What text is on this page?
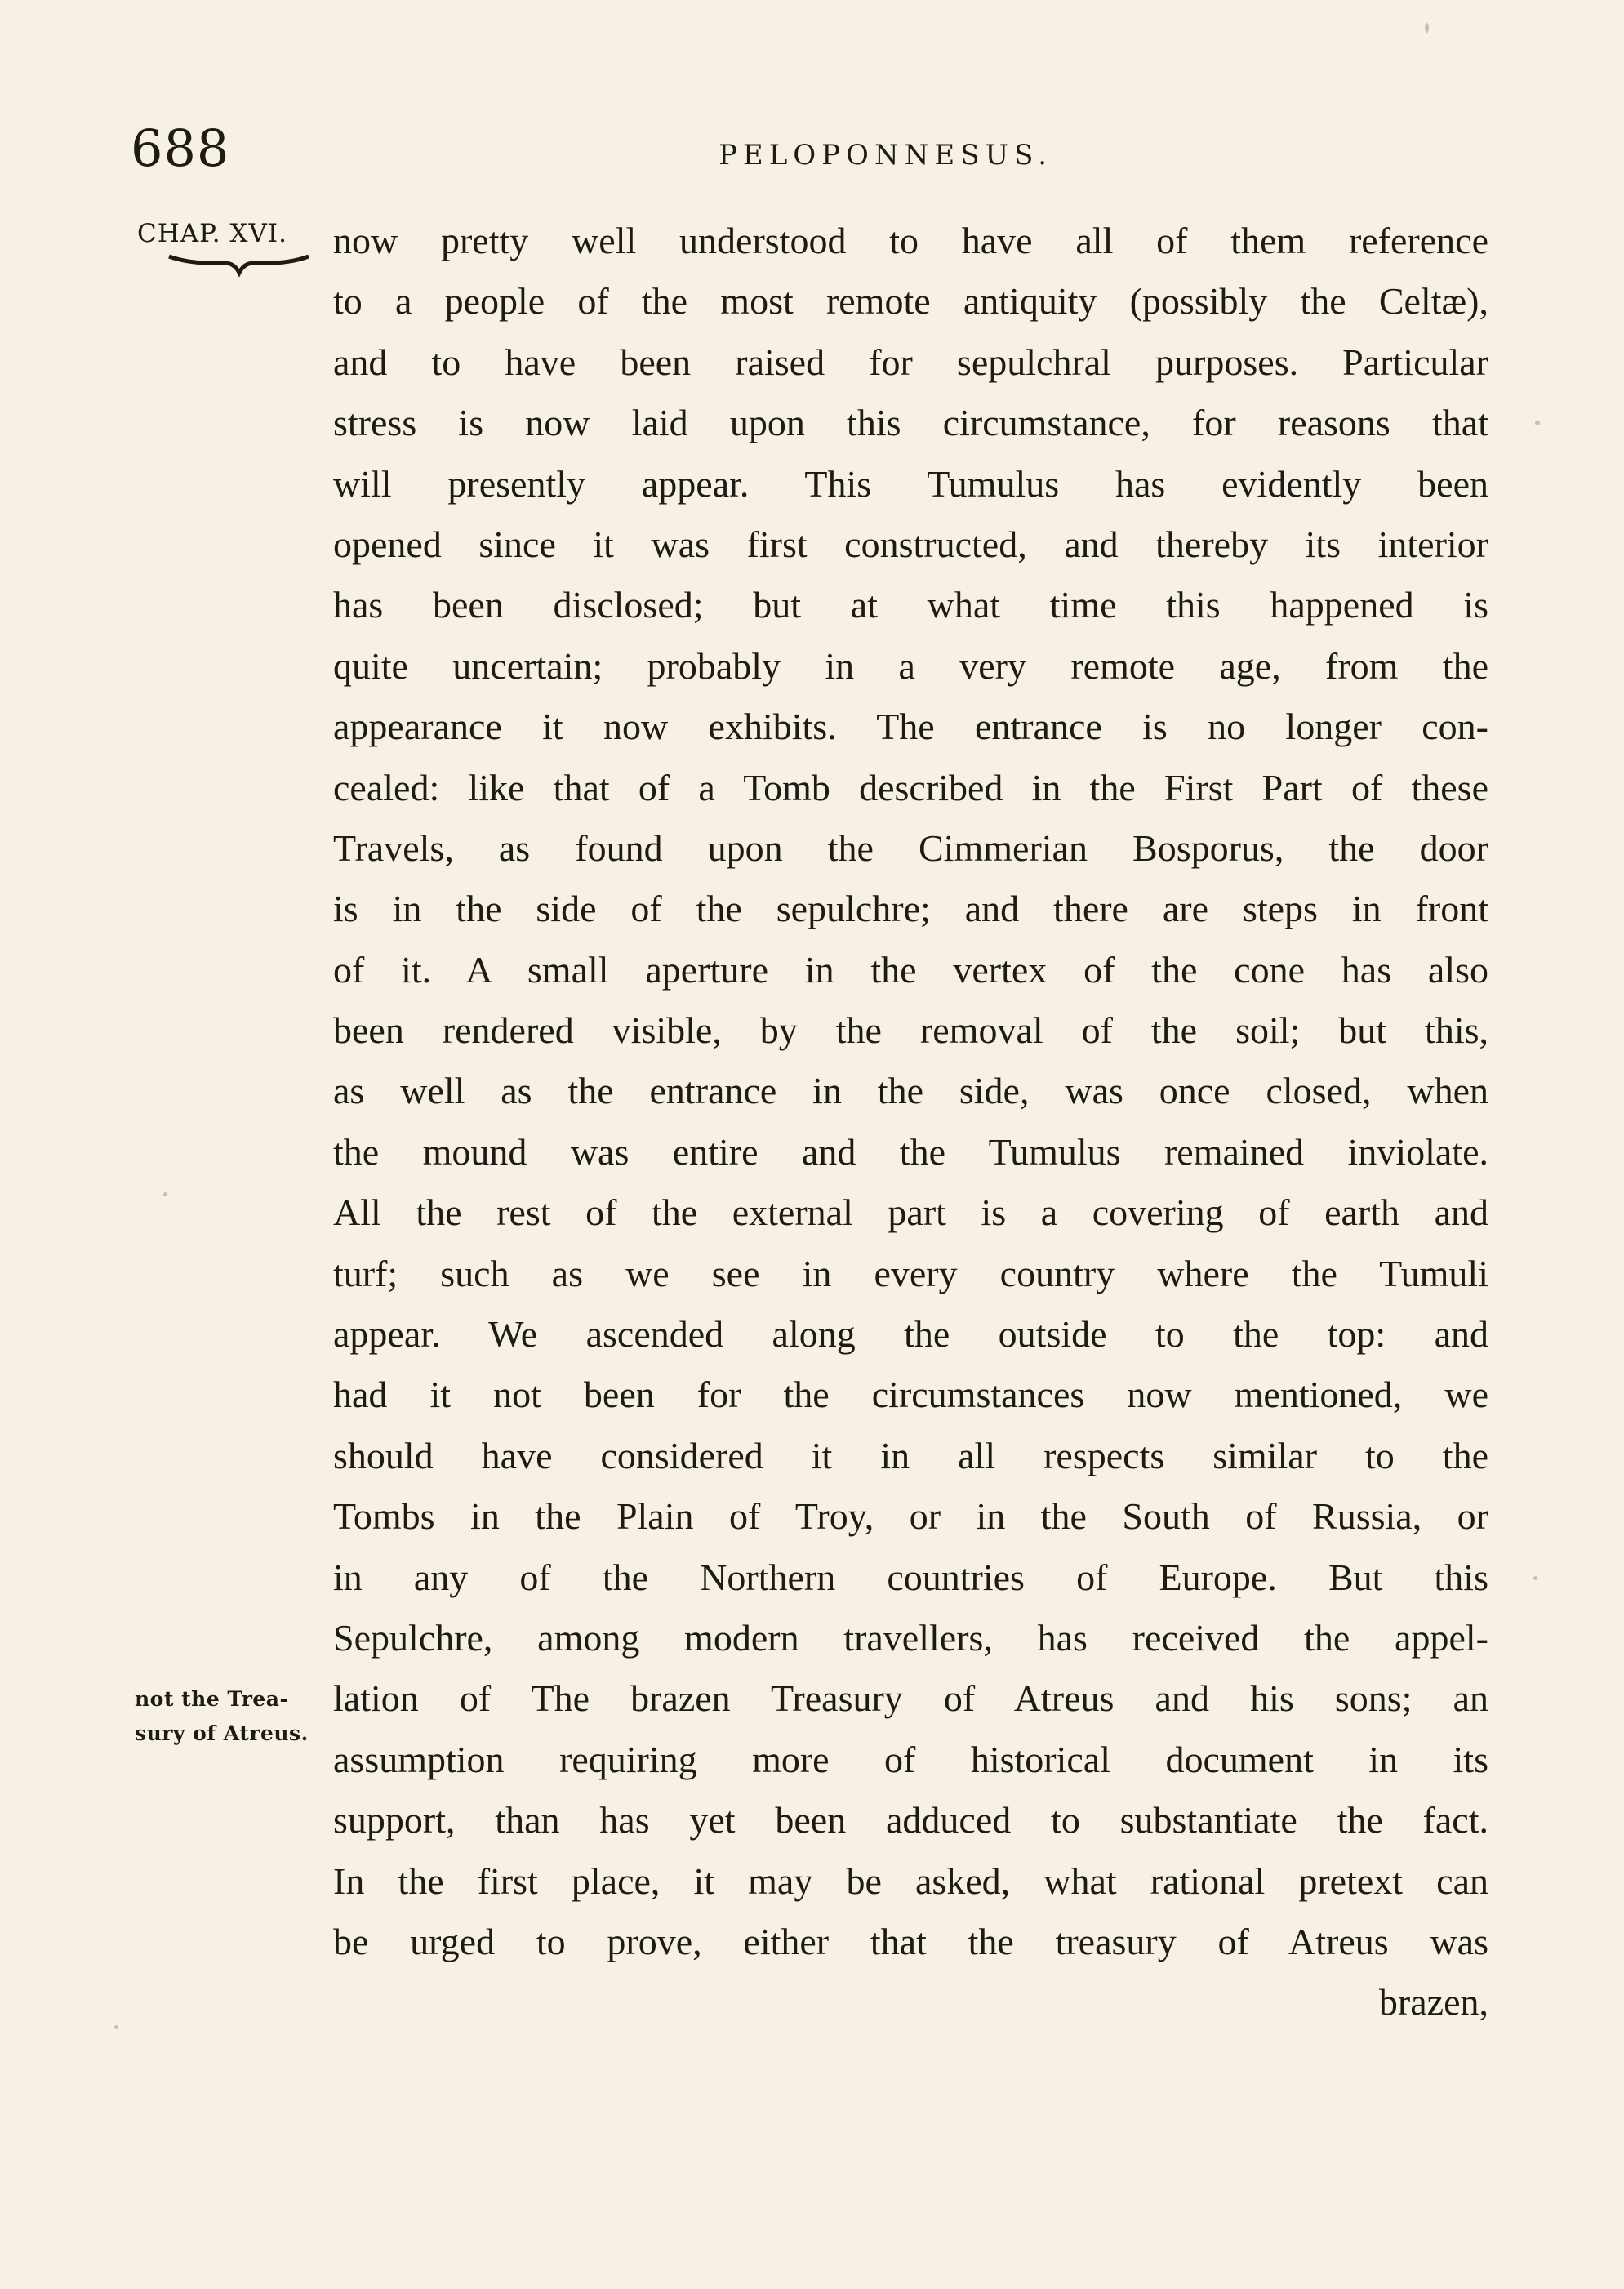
688	PELOPONNESUS.
CHAP. XVI.
not the Trea-
sury of Atreus.
now pretty well understood to have all of them reference
to a people of the most remote antiquity (possibly the Celtæ),
and to have been raised for sepulchral purposes. Particular
stress is now laid upon this circumstance, for reasons that
will presently appear. This Tumulus has evidently been
opened since it was first constructed, and thereby its interior
has been disclosed; but at what time this happened is
quite uncertain; probably in a very remote age, from the
appearance it now exhibits. The entrance is no longer con-
cealed: like that of a Tomb described in the First Part of these
Travels, as found upon the Cimmerian Bosporus, the door
is in the side of the sepulchre; and there are steps in front
of it. A small aperture in the vertex of the cone has also
been rendered visible, by the removal of the soil; but this,
as well as the entrance in the side, was once closed, when
the mound was entire and the Tumulus remained inviolate.
All the rest of the external part is a covering of earth and
turf; such as we see in every country where the Tumuli
appear. We ascended along the outside to the top: and
had it not been for the circumstances now mentioned, we
should have considered it in all respects similar to the
Tombs in the Plain of Troy, or in the South of Russia, or
in any of the Northern countries of Europe. But this
Sepulchre, among modern travellers, has received the appel-
lation of The brazen Treasury of Atreus and his sons; an
assumption requiring more of historical document in its
support, than has yet been adduced to substantiate the fact.
In the first place, it may be asked, what rational pretext can
be urged to prove, either that the treasury of Atreus was
brazen,
